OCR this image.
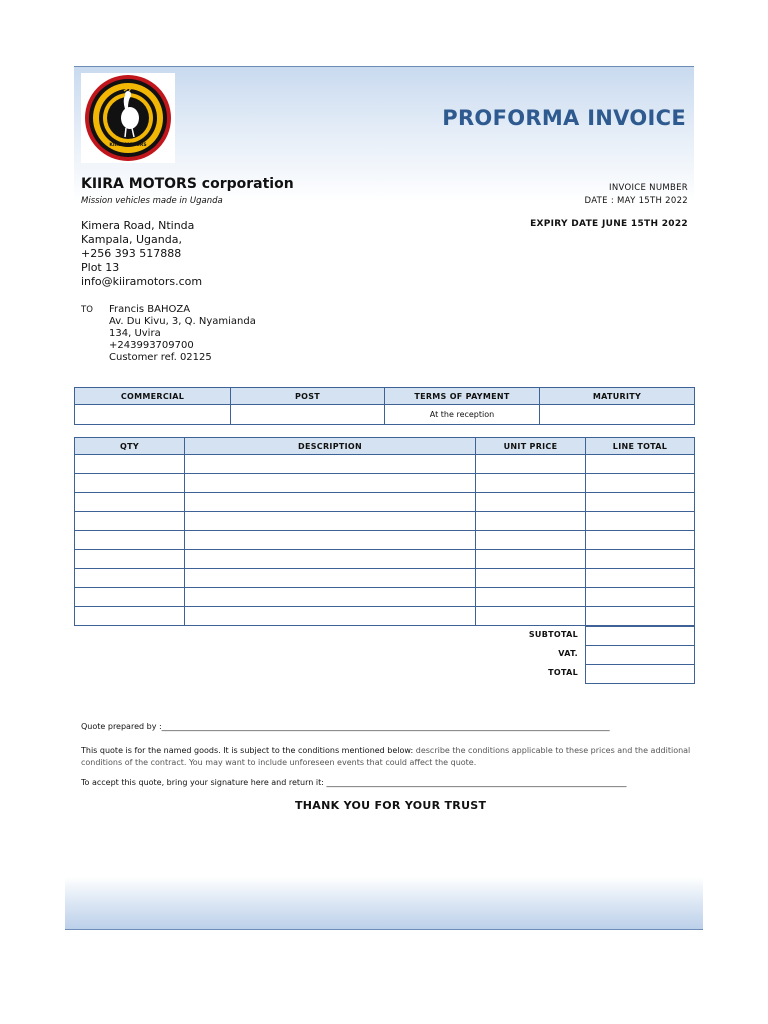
KIIRA MOTORS
PROFORMA INVOICE
KIIRA MOTORS corporation
Mission vehicles made in Uganda
Kimera Road, Ntinda
Kampala, Uganda,
+256 393 517888
Plot 13
info@kiiramotors.com
INVOICE NUMBER
DATE : MAY 15TH 2022
EXPIRY DATE JUNE 15TH 2022
TO Francis BAHOZA
Av. Du Kivu, 3, Q. Nyamianda
134, Uvira
+243993709700
Customer ref. 02125
COMMERCIAL	POST	TERMS OF PAYMENT	MATURITY
		At the reception	
QTY	DESCRIPTION	UNIT PRICE	LINE TOTAL

SUBTOTAL
VAT.
TOTAL
Quote prepared by :________________________________________________________________________________________________________________
This quote is for the named goods. It is subject to the conditions mentioned below: describe the conditions applicable to these prices and the additional conditions of the contract. You may want to include unforeseen events that could affect the quote.
To accept this quote, bring your signature here and return it: ___________________________________________________________________________
THANK YOU FOR YOUR TRUST
